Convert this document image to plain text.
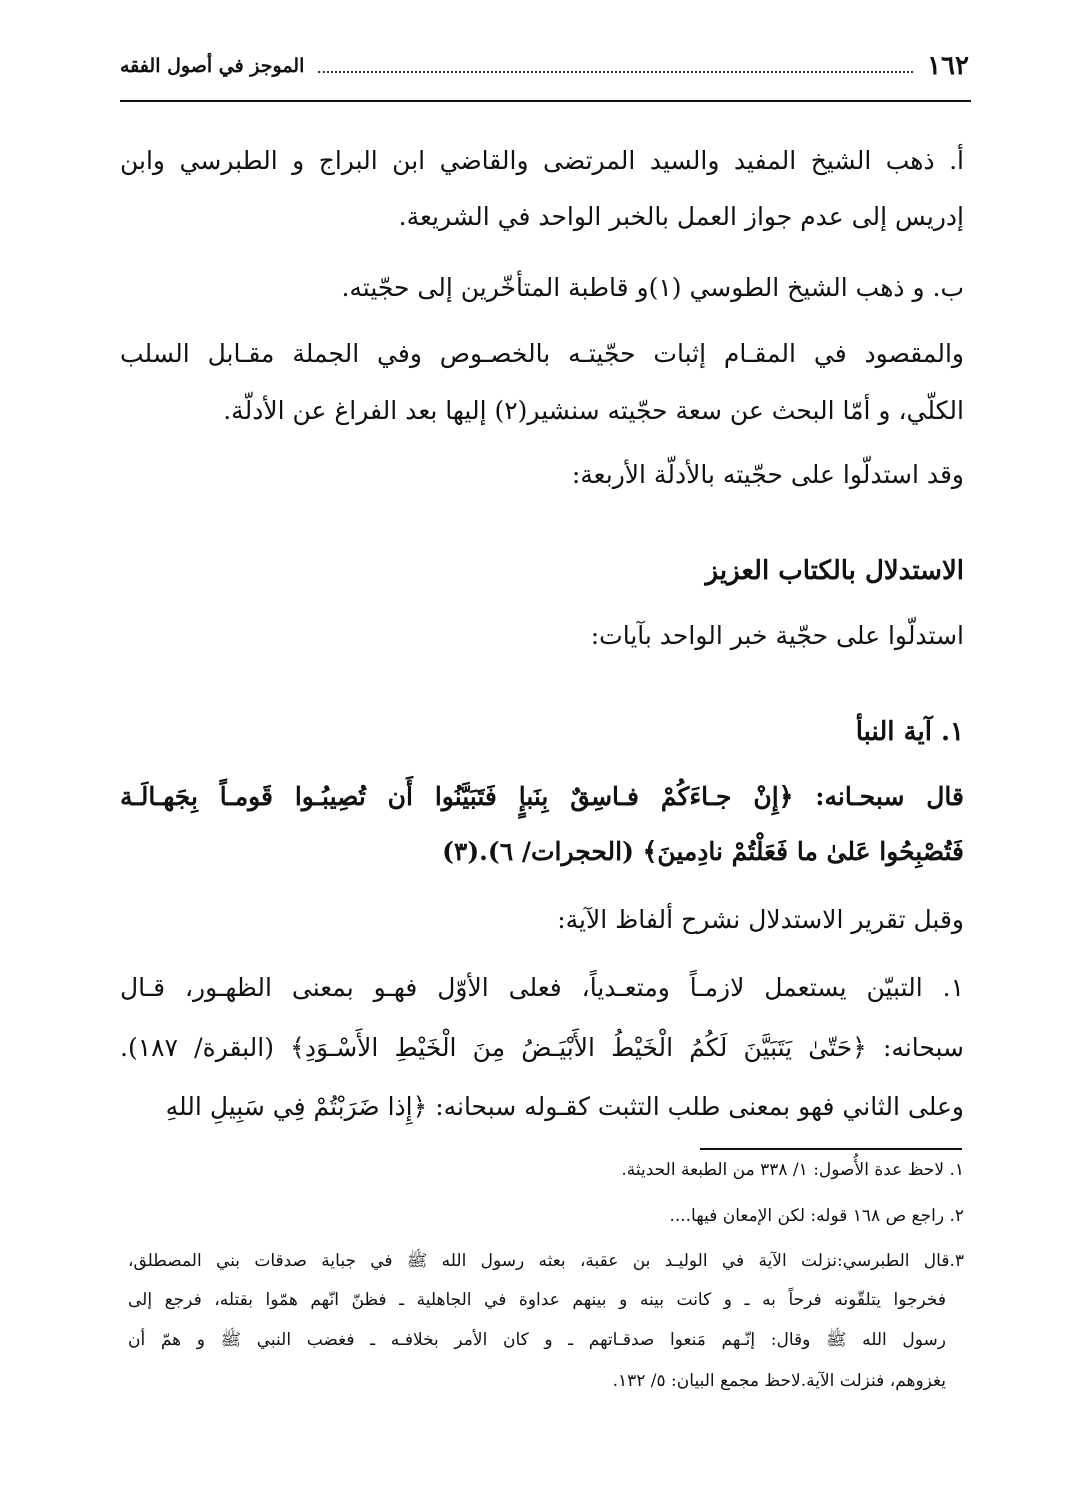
١٦٢
الموجز في أصول الفقه

أ. ذهب الشيخ المفيد والسيد المرتضى والقاضي ابن البراج و الطبرسي وابن

إدريس إلى عدم جواز العمل بالخبر الواحد في الشريعة.

ب. و ذهب الشيخ الطوسي (١)و قاطبة المتأخّرين إلى حجّيته.

والمقصود في المقـام إثبات حجّيتـه بالخصـوص وفي الجملة مقـابل السلب

الكلّي، و أمّا البحث عن سعة حجّيته سنشير(٢) إليها بعد الفراغ عن الأدلّة.

وقد استدلّوا على حجّيته بالأدلّة الأربعة:

الاستدلال بالكتاب العزيز

استدلّوا على حجّية خبر الواحد بآيات:

١. آية النبأ

قال سبحـانه: ﴿إِنْ جـاءَكُمْ فـاسِقٌ بِنَبإٍ فَتَبَيَّنُوا أَن تُصِيبُـوا قَومـاً بِجَهـالَـة

فَتُصْبِحُوا عَلىٰ ما فَعَلْتُمْ نادِمينَ﴾ (الحجرات/ ٦).(٣)

وقبل تقرير الاستدلال نشرح ألفاظ الآية:

١. التبيّن يستعمل لازمـاً ومتعـدياً، فعلى الأوّل فهـو بمعنى الظهـور، قـال

سبحانه: ﴿حَتّىٰ يَتَبَيَّنَ لَكُمُ الْخَيْطُ الأَبْيَـضُ مِنَ الْخَيْطِ الأَسْـوَدِ﴾ (البقرة/ ١٨٧).

وعلى الثاني فهو بمعنى طلب التثبت كقـوله سبحانه: ﴿إِذا ضَرَبْتُمْ فِي سَبِيلِ اللهِ

١. لاحظ عدة الأُصول: ١/ ٣٣٨ من الطبعة الحديثة.

٢. راجع ص ١٦٨ قوله: لكن الإمعان فيها....

٣.قال الطبرسي:نزلت الآية في الوليـد بن عقبة، بعثه رسول الله ﷺ في جباية صدقات بني المصطلق،

فخرجوا يتلقّونه فرحاً به ـ و كانت بينه و بينهم عداوة في الجاهلية ـ فظنّ انّهم همّوا بقتله، فرجع إلى

رسول الله ﷺ وقال: إنّـهم مَنعوا صدقـاتهم ـ و كان الأمر بخلافـه ـ فغضب النبي ﷺ و همّ أن

يغزوهم، فنزلت الآية.لاحظ مجمع البيان: ٥/ ١٣٢.
